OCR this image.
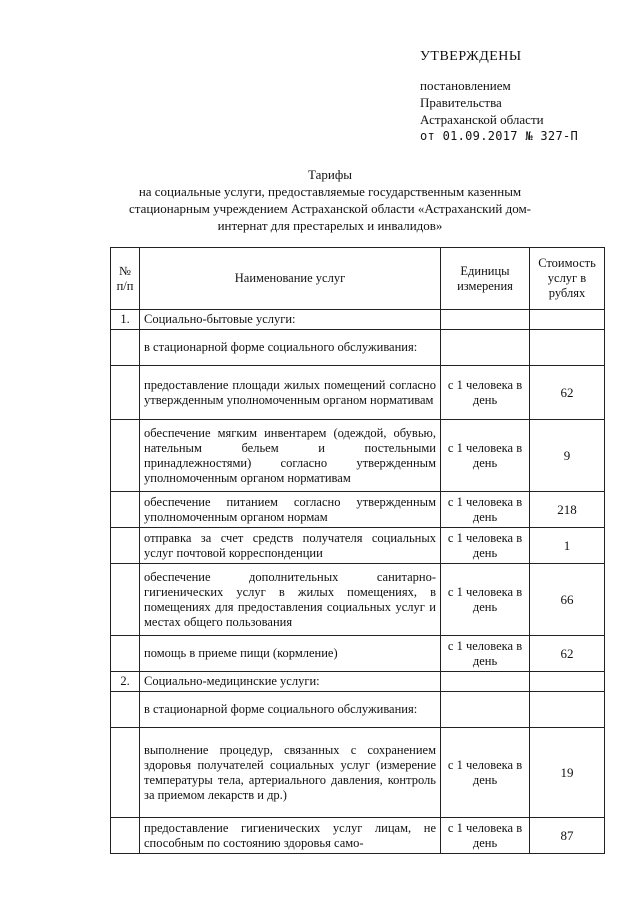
УТВЕРЖДЕНЫ
постановлением
Правительства
Астраханской области
от 01.09.2017 № 327-П
Тарифы
на социальные услуги, предоставляемые государственным казенным стационарным учреждением Астраханской области «Астраханский дом-интернат для престарелых и инвалидов»
№ п/п	Наименование услуг	Единицы измерения	Стоимость услуг в рублях
1.	Социально-бытовые услуги:		
	в стационарной форме социального обслуживания:		
	предоставление площади жилых помещений согласно утвержденным уполномоченным органом нормативам	с 1 человека в день	62
	обеспечение мягким инвентарем (одеждой, обувью, нательным бельем и постельными принадлежностями) согласно утвержденным уполномоченным органом нормативам	с 1 человека в день	9
	обеспечение питанием согласно утвержденным уполномоченным органом нормам	с 1 человека в день	218
	отправка за счет средств получателя социальных услуг почтовой корреспонденции	с 1 человека в день	1
	обеспечение дополнительных санитарно-гигиенических услуг в жилых помещениях, в помещениях для предоставления социальных услуг и местах общего пользования	с 1 человека в день	66
	помощь в приеме пищи (кормление)	с 1 человека в день	62
2.	Социально-медицинские услуги:		
	в стационарной форме социального обслуживания:		
	выполнение процедур, связанных с сохранением здоровья получателей социальных услуг (измерение температуры тела, артериального давления, контроль за приемом лекарств и др.)	с 1 человека в день	19
	предоставление гигиенических услуг лицам, не способным по состоянию здоровья само-	с 1 человека в день	87
